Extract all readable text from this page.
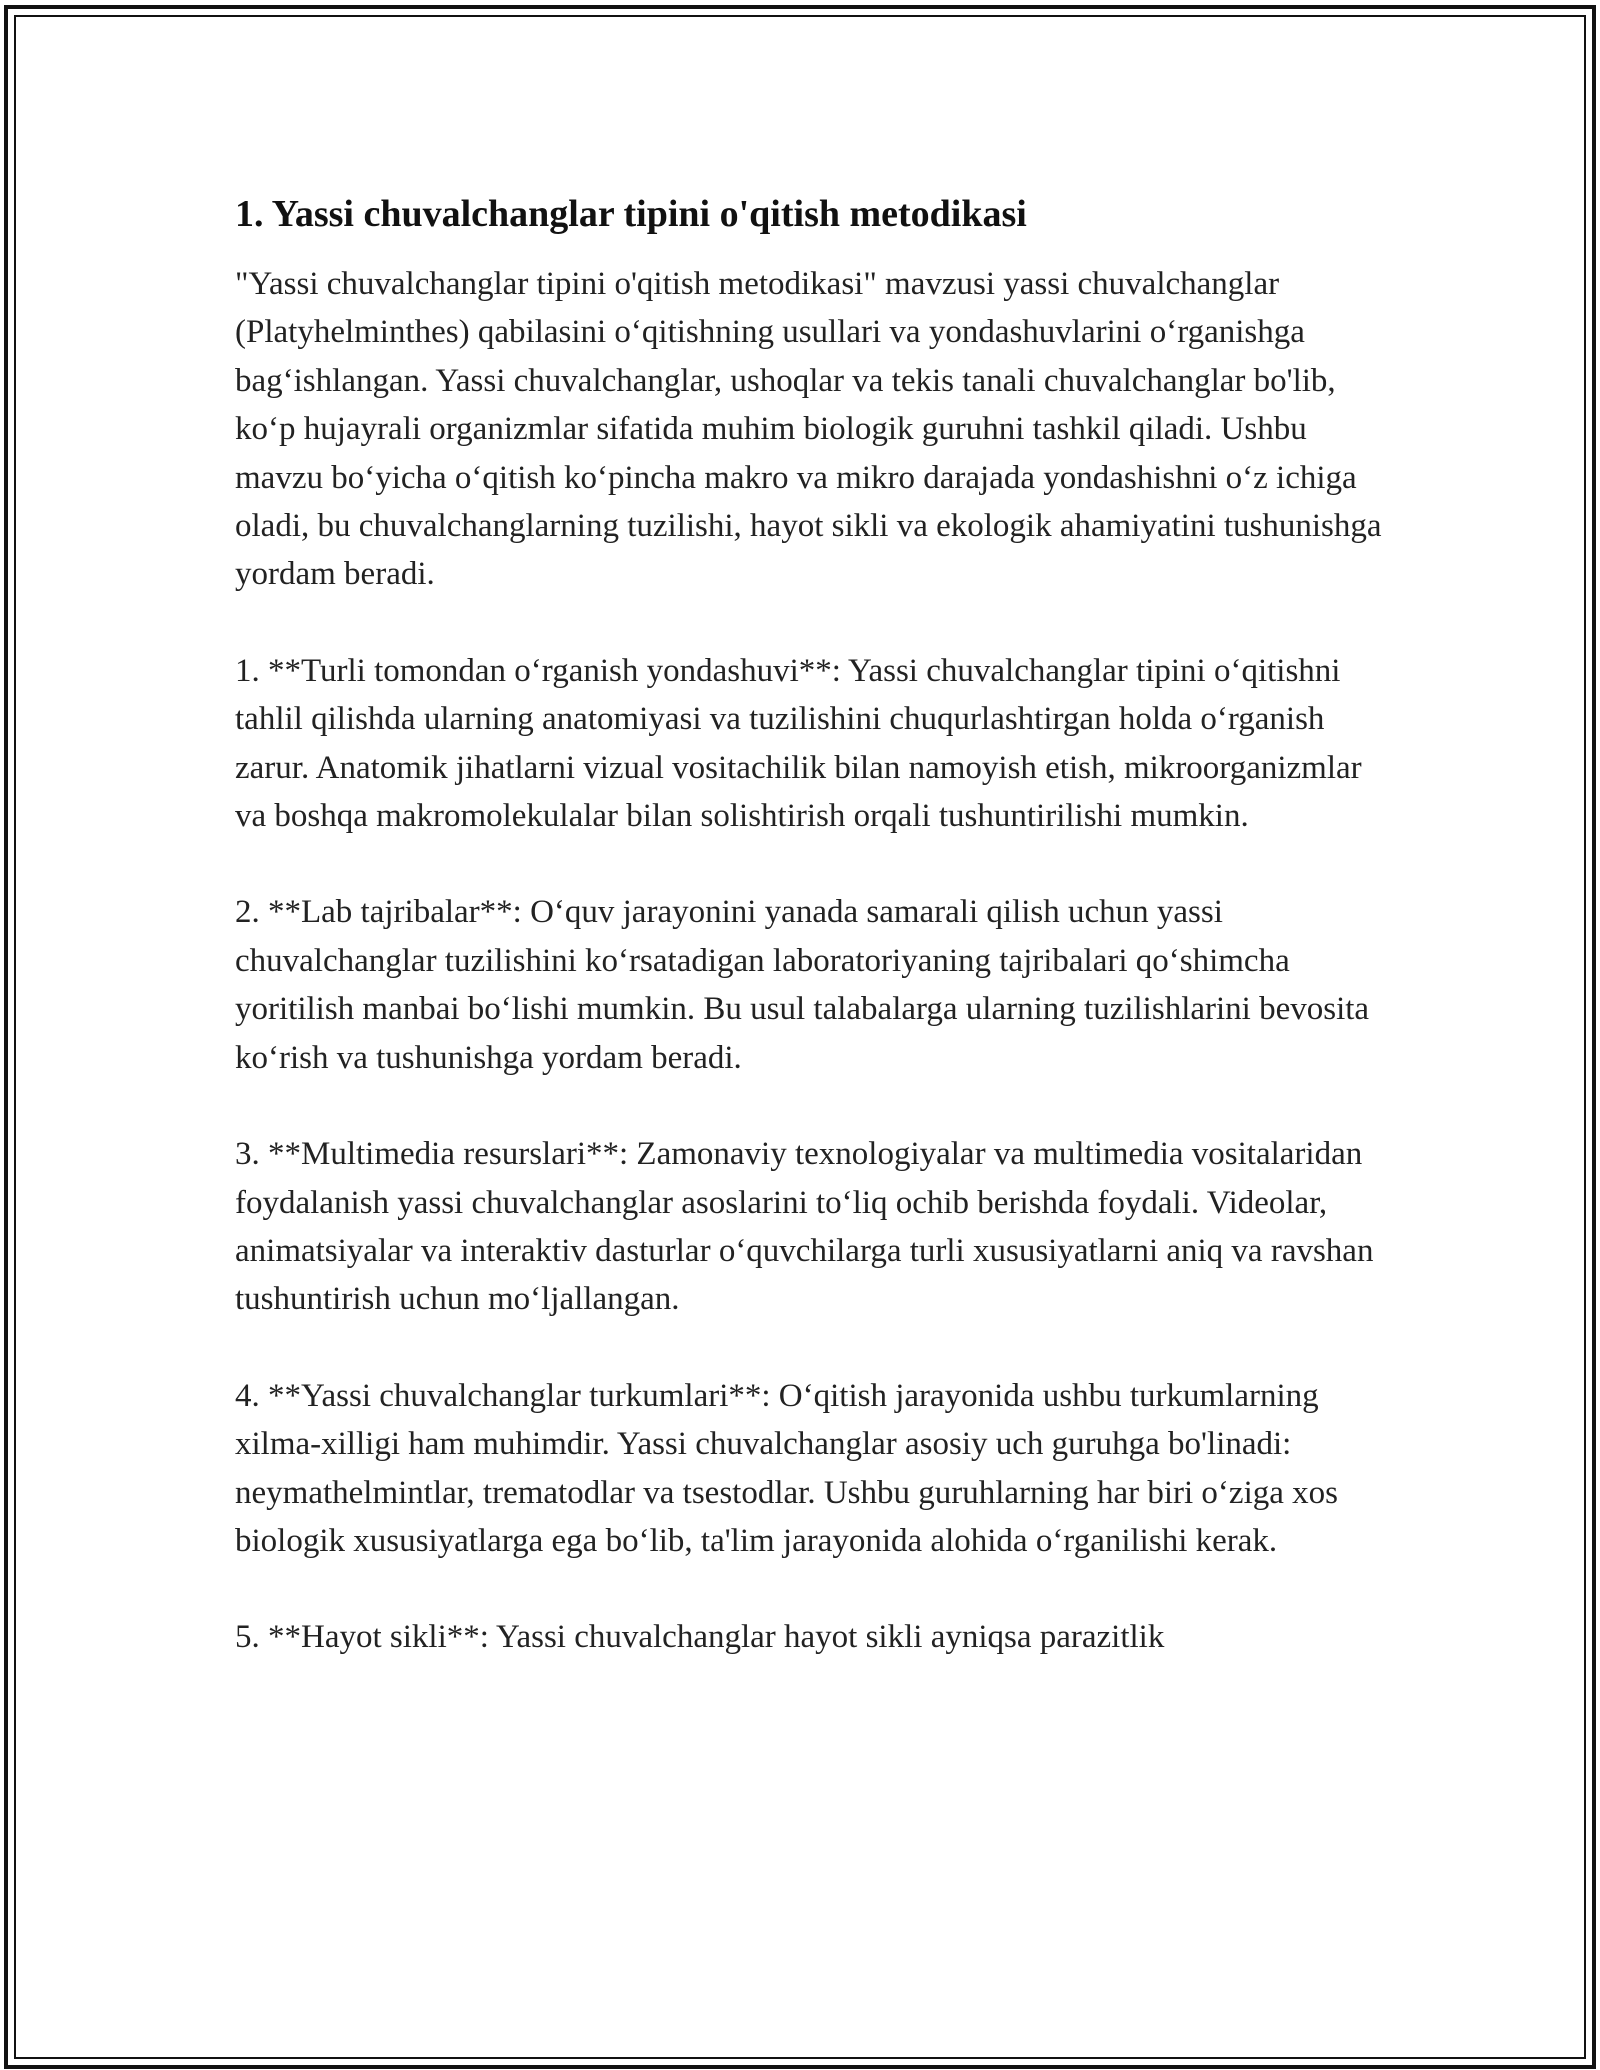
1. Yassi chuvalchanglar tipini o'qitish metodikasi

"Yassi chuvalchanglar tipini o'qitish metodikasi" mavzusi yassi chuvalchanglar (Platyhelminthes) qabilasini o‘qitishning usullari va yondashuvlarini o‘rganishga bag‘ishlangan. Yassi chuvalchanglar, ushoqlar va tekis tanali chuvalchanglar bo'lib, ko‘p hujayrali organizmlar sifatida muhim biologik guruhni tashkil qiladi. Ushbu mavzu bo‘yicha o‘qitish ko‘pincha makro va mikro darajada yondashishni o‘z ichiga oladi, bu chuvalchanglarning tuzilishi, hayot sikli va ekologik ahamiyatini tushunishga yordam beradi.

1. **Turli tomondan o‘rganish yondashuvi**: Yassi chuvalchanglar tipini o‘qitishni tahlil qilishda ularning anatomiyasi va tuzilishini chuqurlashtirgan holda o‘rganish zarur. Anatomik jihatlarni vizual vositachilik bilan namoyish etish, mikroorganizmlar va boshqa makromolekulalar bilan solishtirish orqali tushuntirilishi mumkin.

2. **Lab tajribalar**: O‘quv jarayonini yanada samarali qilish uchun yassi chuvalchanglar tuzilishini ko‘rsatadigan laboratoriyaning tajribalari qo‘shimcha yoritilish manbai bo‘lishi mumkin. Bu usul talabalarga ularning tuzilishlarini bevosita ko‘rish va tushunishga yordam beradi.

3. **Multimedia resurslari**: Zamonaviy texnologiyalar va multimedia vositalaridan foydalanish yassi chuvalchanglar asoslarini to‘liq ochib berishda foydali. Videolar, animatsiyalar va interaktiv dasturlar o‘quvchilarga turli xususiyatlarni aniq va ravshan tushuntirish uchun mo‘ljallangan.

4. **Yassi chuvalchanglar turkumlari**: O‘qitish jarayonida ushbu turkumlarning xilma-xilligi ham muhimdir. Yassi chuvalchanglar asosiy uch guruhga bo'linadi: neymathelmintlar, trematodlar va tsestodlar. Ushbu guruhlarning har biri o‘ziga xos biologik xususiyatlarga ega bo‘lib, ta'lim jarayonida alohida o‘rganilishi kerak.

5. **Hayot sikli**: Yassi chuvalchanglar hayot sikli ayniqsa parazitlik
